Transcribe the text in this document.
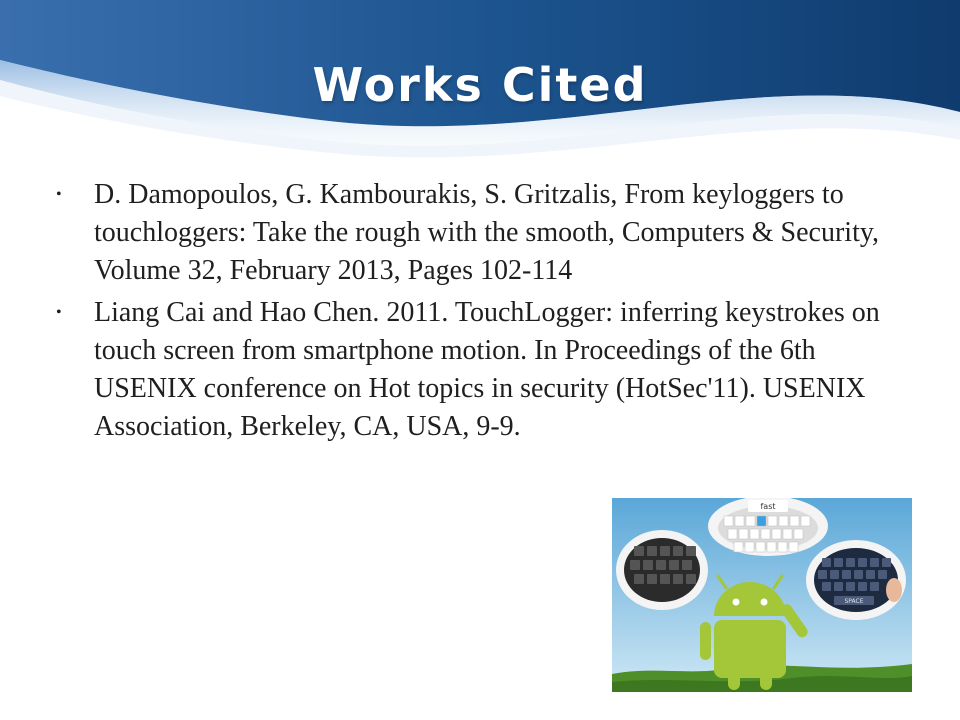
Works Cited
• D. Damopoulos, G. Kambourakis, S. Gritzalis, From keyloggers to touchloggers: Take the rough with the smooth, Computers & Security, Volume 32, February 2013, Pages 102-114
• Liang Cai and Hao Chen. 2011. TouchLogger: inferring keystrokes on touch screen from smartphone motion. In Proceedings of the 6th USENIX conference on Hot topics in security (HotSec'11). USENIX Association, Berkeley, CA, USA, 9-9.
fast
SPACE
